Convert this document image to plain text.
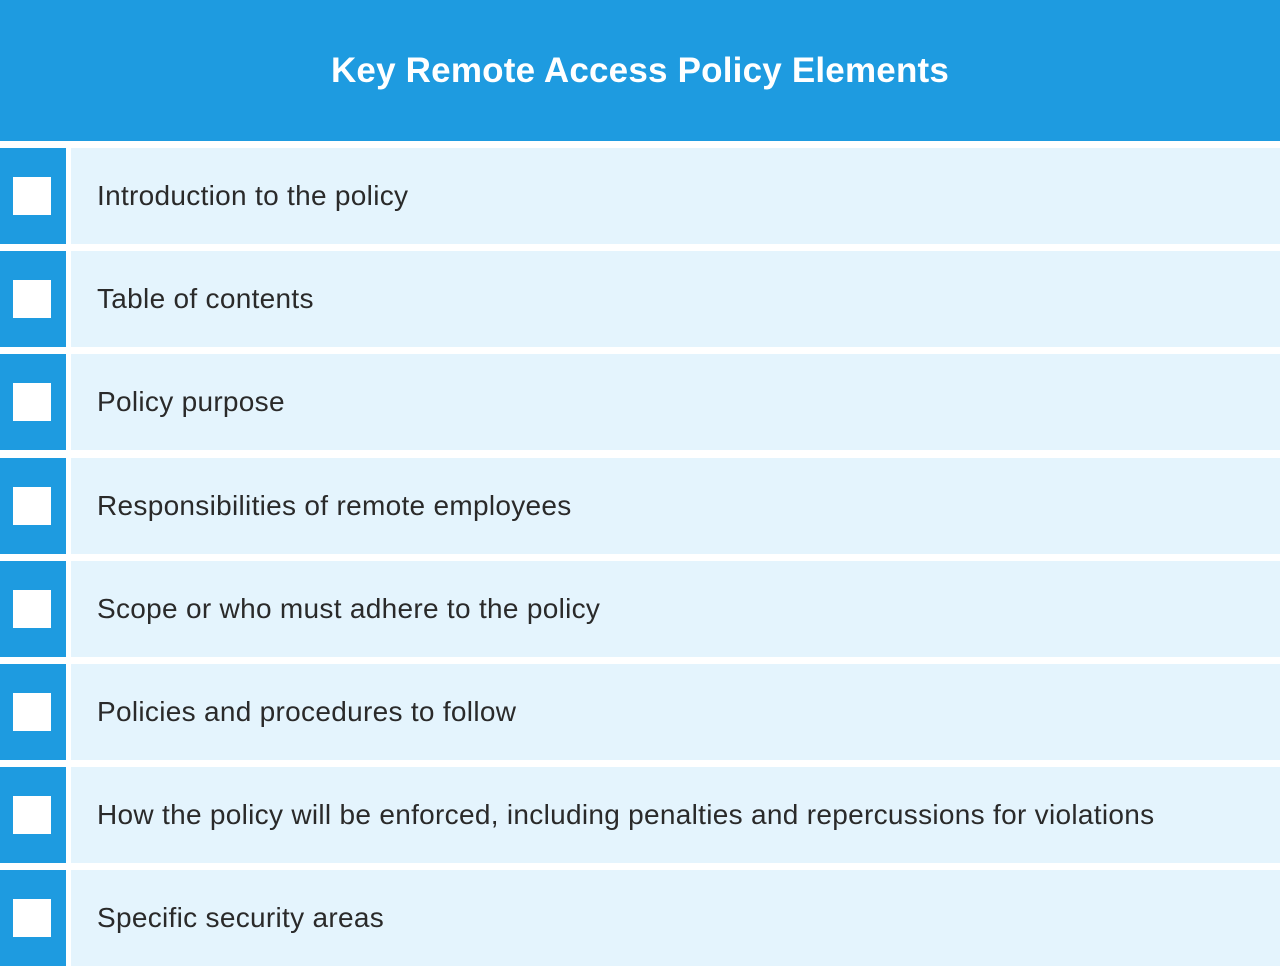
Key Remote Access Policy Elements
Introduction to the policy
Table of contents
Policy purpose
Responsibilities of remote employees
Scope or who must adhere to the policy
Policies and procedures to follow
How the policy will be enforced, including penalties and repercussions for violations
Specific security areas
